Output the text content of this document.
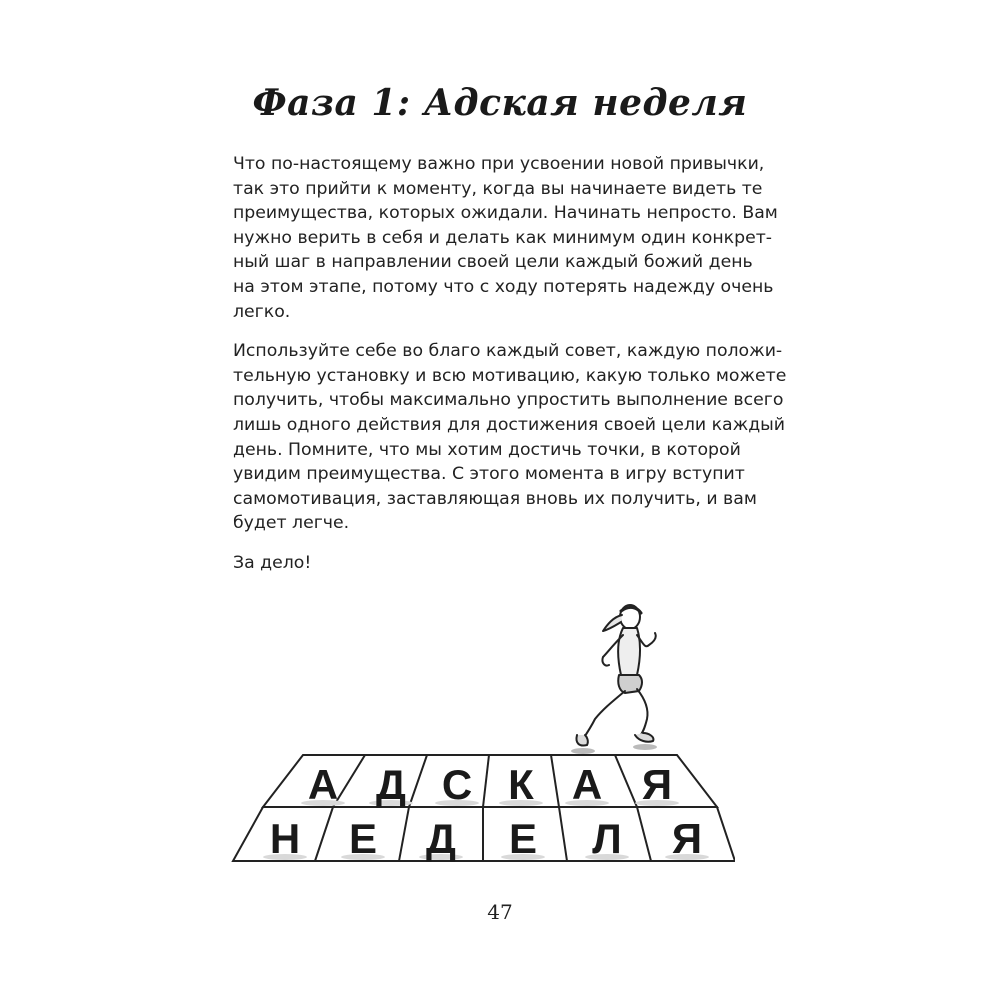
Фаза 1: Адская неделя

Что по-настоящему важно при усвоении новой привычки,
так это прийти к моменту, когда вы начинаете видеть те
преимущества, которых ожидали. Начинать непросто. Вам
нужно верить в себя и делать как минимум один конкрет-
ный шаг в направлении своей цели каждый божий день
на этом этапе, потому что с ходу потерять надежду очень
легко.

Используйте себе во благо каждый совет, каждую положи-
тельную установку и всю мотивацию, какую только можете
получить, чтобы максимально упростить выполнение всего
лишь одного действия для достижения своей цели каждый
день. Помните, что мы хотим достичь точки, в которой
увидим преимущества. С этого момента в игру вступит
самомотивация, заставляющая вновь их получить, и вам
будет легче.

За дело!

А Д С К А Я
Н Е Д Е Л Я
47
